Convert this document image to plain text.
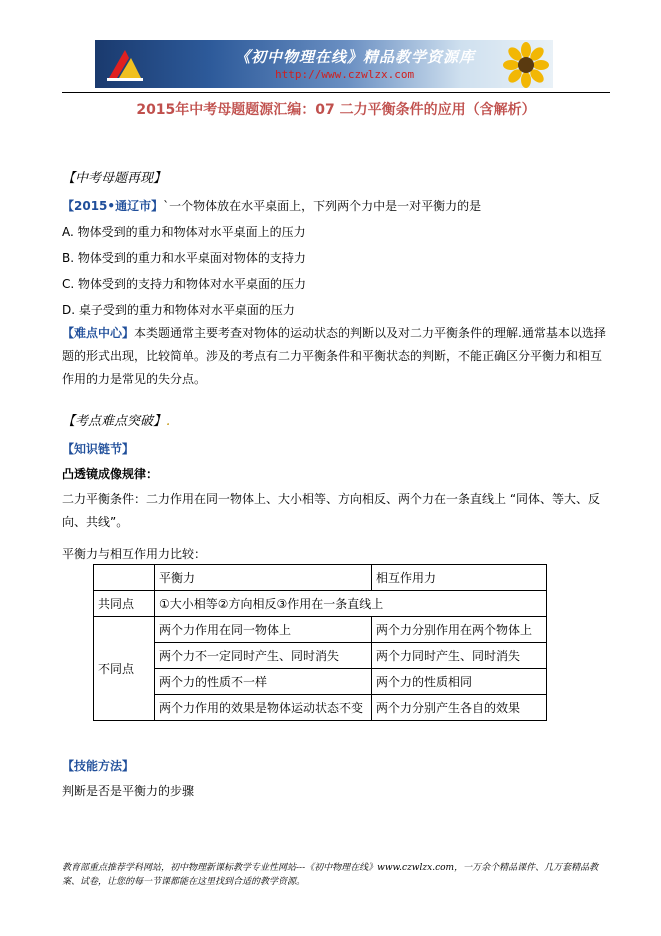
《初中物理在线》精品教学资源库
http://www.czwlzx.com
2015年中考母题题源汇编：07 二力平衡条件的应用（含解析）
【中考母题再现】
【2015•通辽市】`一个物体放在水平桌面上，下列两个力中是一对平衡力的是
A. 物体受到的重力和物体对水平桌面上的压力
B. 物体受到的重力和水平桌面对物体的支持力
C. 物体受到的支持力和物体对水平桌面的压力
D. 桌子受到的重力和物体对水平桌面的压力
【难点中心】本类题通常主要考查对物体的运动状态的判断以及对二力平衡条件的理解.通常基本以选择题的形式出现，比较简单。涉及的考点有二力平衡条件和平衡状态的判断，不能正确区分平衡力和相互作用的力是常见的失分点。
【考点难点突破】.
【知识链节】
凸透镜成像规律：
二力平衡条件：二力作用在同一物体上、大小相等、方向相反、两个力在一条直线上 “同体、等大、反向、共线”。
平衡力与相互作用力比较：
	平衡力	相互作用力
共同点	①大小相等②方向相反③作用在一条直线上	
不同点	两个力作用在同一物体上	两个力分别作用在两个物体上
	两个力不一定同时产生、同时消失	两个力同时产生、同时消失
	两个力的性质不一样	两个力的性质相同
	两个力作用的效果是物体运动状态不变	两个力分别产生各自的效果
【技能方法】
判断是否是平衡力的步骤
教育部重点推荐学科网站，初中物理新课标教学专业性网站---《初中物理在线》www.czwlzx.com，一万余个精品课件、几万套精品教案、试卷，让您的每一节课都能在这里找到合适的教学资源。
